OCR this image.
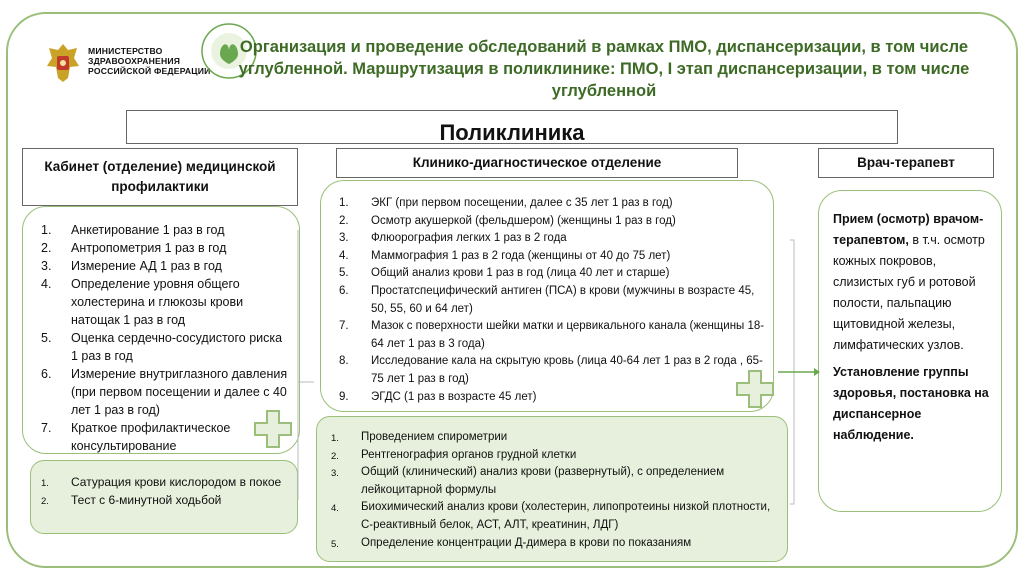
МИНИСТЕРСТВО
ЗДРАВООХРАНЕНИЯ
РОССИЙСКОЙ ФЕДЕРАЦИИ
Организация и проведение обследований в рамках ПМО, диспансеризации, в том числе углубленной. Маршрутизация в поликлинике: ПМО, I этап диспансеризации, в том числе углубленной
Поликлиника
Кабинет (отделение) медицинской профилактики
Клинико-диагностическое отделение	Врач-терапевт
1. Анкетирование 1 раз в год
2. Антропометрия 1 раз в год
3. Измерение АД 1 раз в год
4. Определение уровня общего холестерина и глюкозы крови натощак 1 раз в год
5. Оценка сердечно-сосудистого риска 1 раз в год
6. Измерение внутриглазного давления (при первом посещении и далее с 40 лет 1 раз в год)
7. Краткое профилактическое консультирование
1. Сатурация крови кислородом в покое
2. Тест с 6-минутной ходьбой
1. ЭКГ (при первом посещении, далее с 35 лет 1 раз в год)
2. Осмотр акушеркой (фельдшером) (женщины 1 раз в год)
3. Флюорография легких 1 раз в 2 года
4. Маммография 1 раз в 2 года (женщины от 40 до 75 лет)
5. Общий анализ крови 1 раз в год (лица 40 лет и старше)
6. Простатспецифический антиген (ПСА) в крови (мужчины в возрасте 45, 50, 55, 60 и 64 лет)
7. Мазок с поверхности шейки матки и цервикального канала (женщины 18-64 лет 1 раз в 3 года)
8. Исследование кала на скрытую кровь (лица 40-64 лет 1 раз в 2 года , 65-75 лет 1 раз в год)
9. ЭГДС (1 раз в возрасте 45 лет)
1. Проведением спирометрии
2. Рентгенография органов грудной клетки
3. Общий (клинический) анализ крови (развернутый), с определением лейкоцитарной формулы
4. Биохимический анализ крови (холестерин, липопротеины низкой плотности, С-реактивный белок, АСТ, АЛТ, креатинин, ЛДГ)
5. Определение концентрации Д-димера в крови по показаниям

Прием (осмотр) врачом-терапевтом, в т.ч. осмотр кожных покровов, слизистых губ и ротовой полости, пальпацию щитовидной железы, лимфатических узлов.

Установление группы здоровья, постановка на диспансерное наблюдение.
